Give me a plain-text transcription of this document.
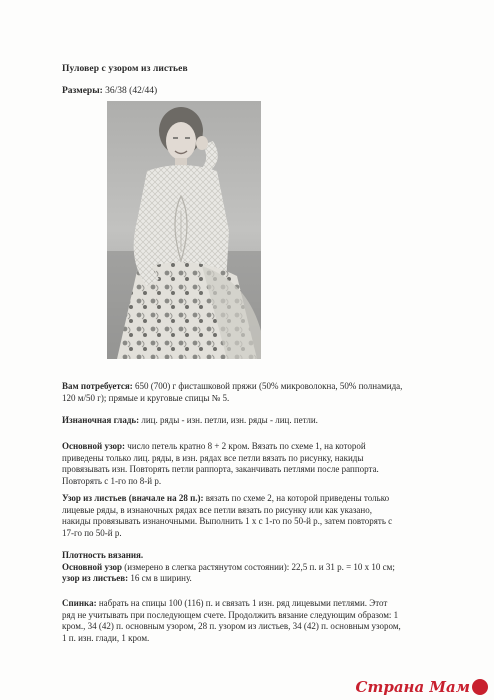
Пуловер с узором из листьев
Размеры: 36/38 (42/44)
Вам потребуется: 650 (700) г фисташковой пряжи (50% микроволокна, 50% полнамида,
120 м/50 г); прямые и круговые спицы № 5.
Изнаночная гладь: лиц. ряды - изн. петли, изн. ряды - лиц. петли.
Основной узор: число петель кратно 8 + 2 кром. Вязать по схеме 1, на которой
приведены только лиц. ряды, в изн. рядах все петли вязать по рисунку, накиды
провязывать изн. Повторять петли раппорта, заканчивать петлями после раппорта.
Повторять с 1-го по 8-й р.
Узор из листьев (вначале на 28 п.): вязать по схеме 2, на которой приведены только
лицевые ряды, в изнаночных рядах все петли вязать по рисунку или как указано,
накиды провязывать изнаночными. Выполнить 1 х с 1-го по 50-й р., затем повторять с
17-го по 50-й р.
Плотность вязания.
Основной узор (измерено в слегка растянутом состоянии): 22,5 п. и 31 р. = 10 х 10 см;
узор из листьев: 16 см в ширину.
Спинка: набрать на спицы 100 (116) п. и связать 1 изн. ряд лицевыми петлями. Этот
ряд не учитывать при последующем счете. Продолжить вязание следующим образом: 1
кром., 34 (42) п. основным узором, 28 п. узором из листьев, 34 (42) п. основным узором,
1 п. изн. глади, 1 кром.
Страна Мам
